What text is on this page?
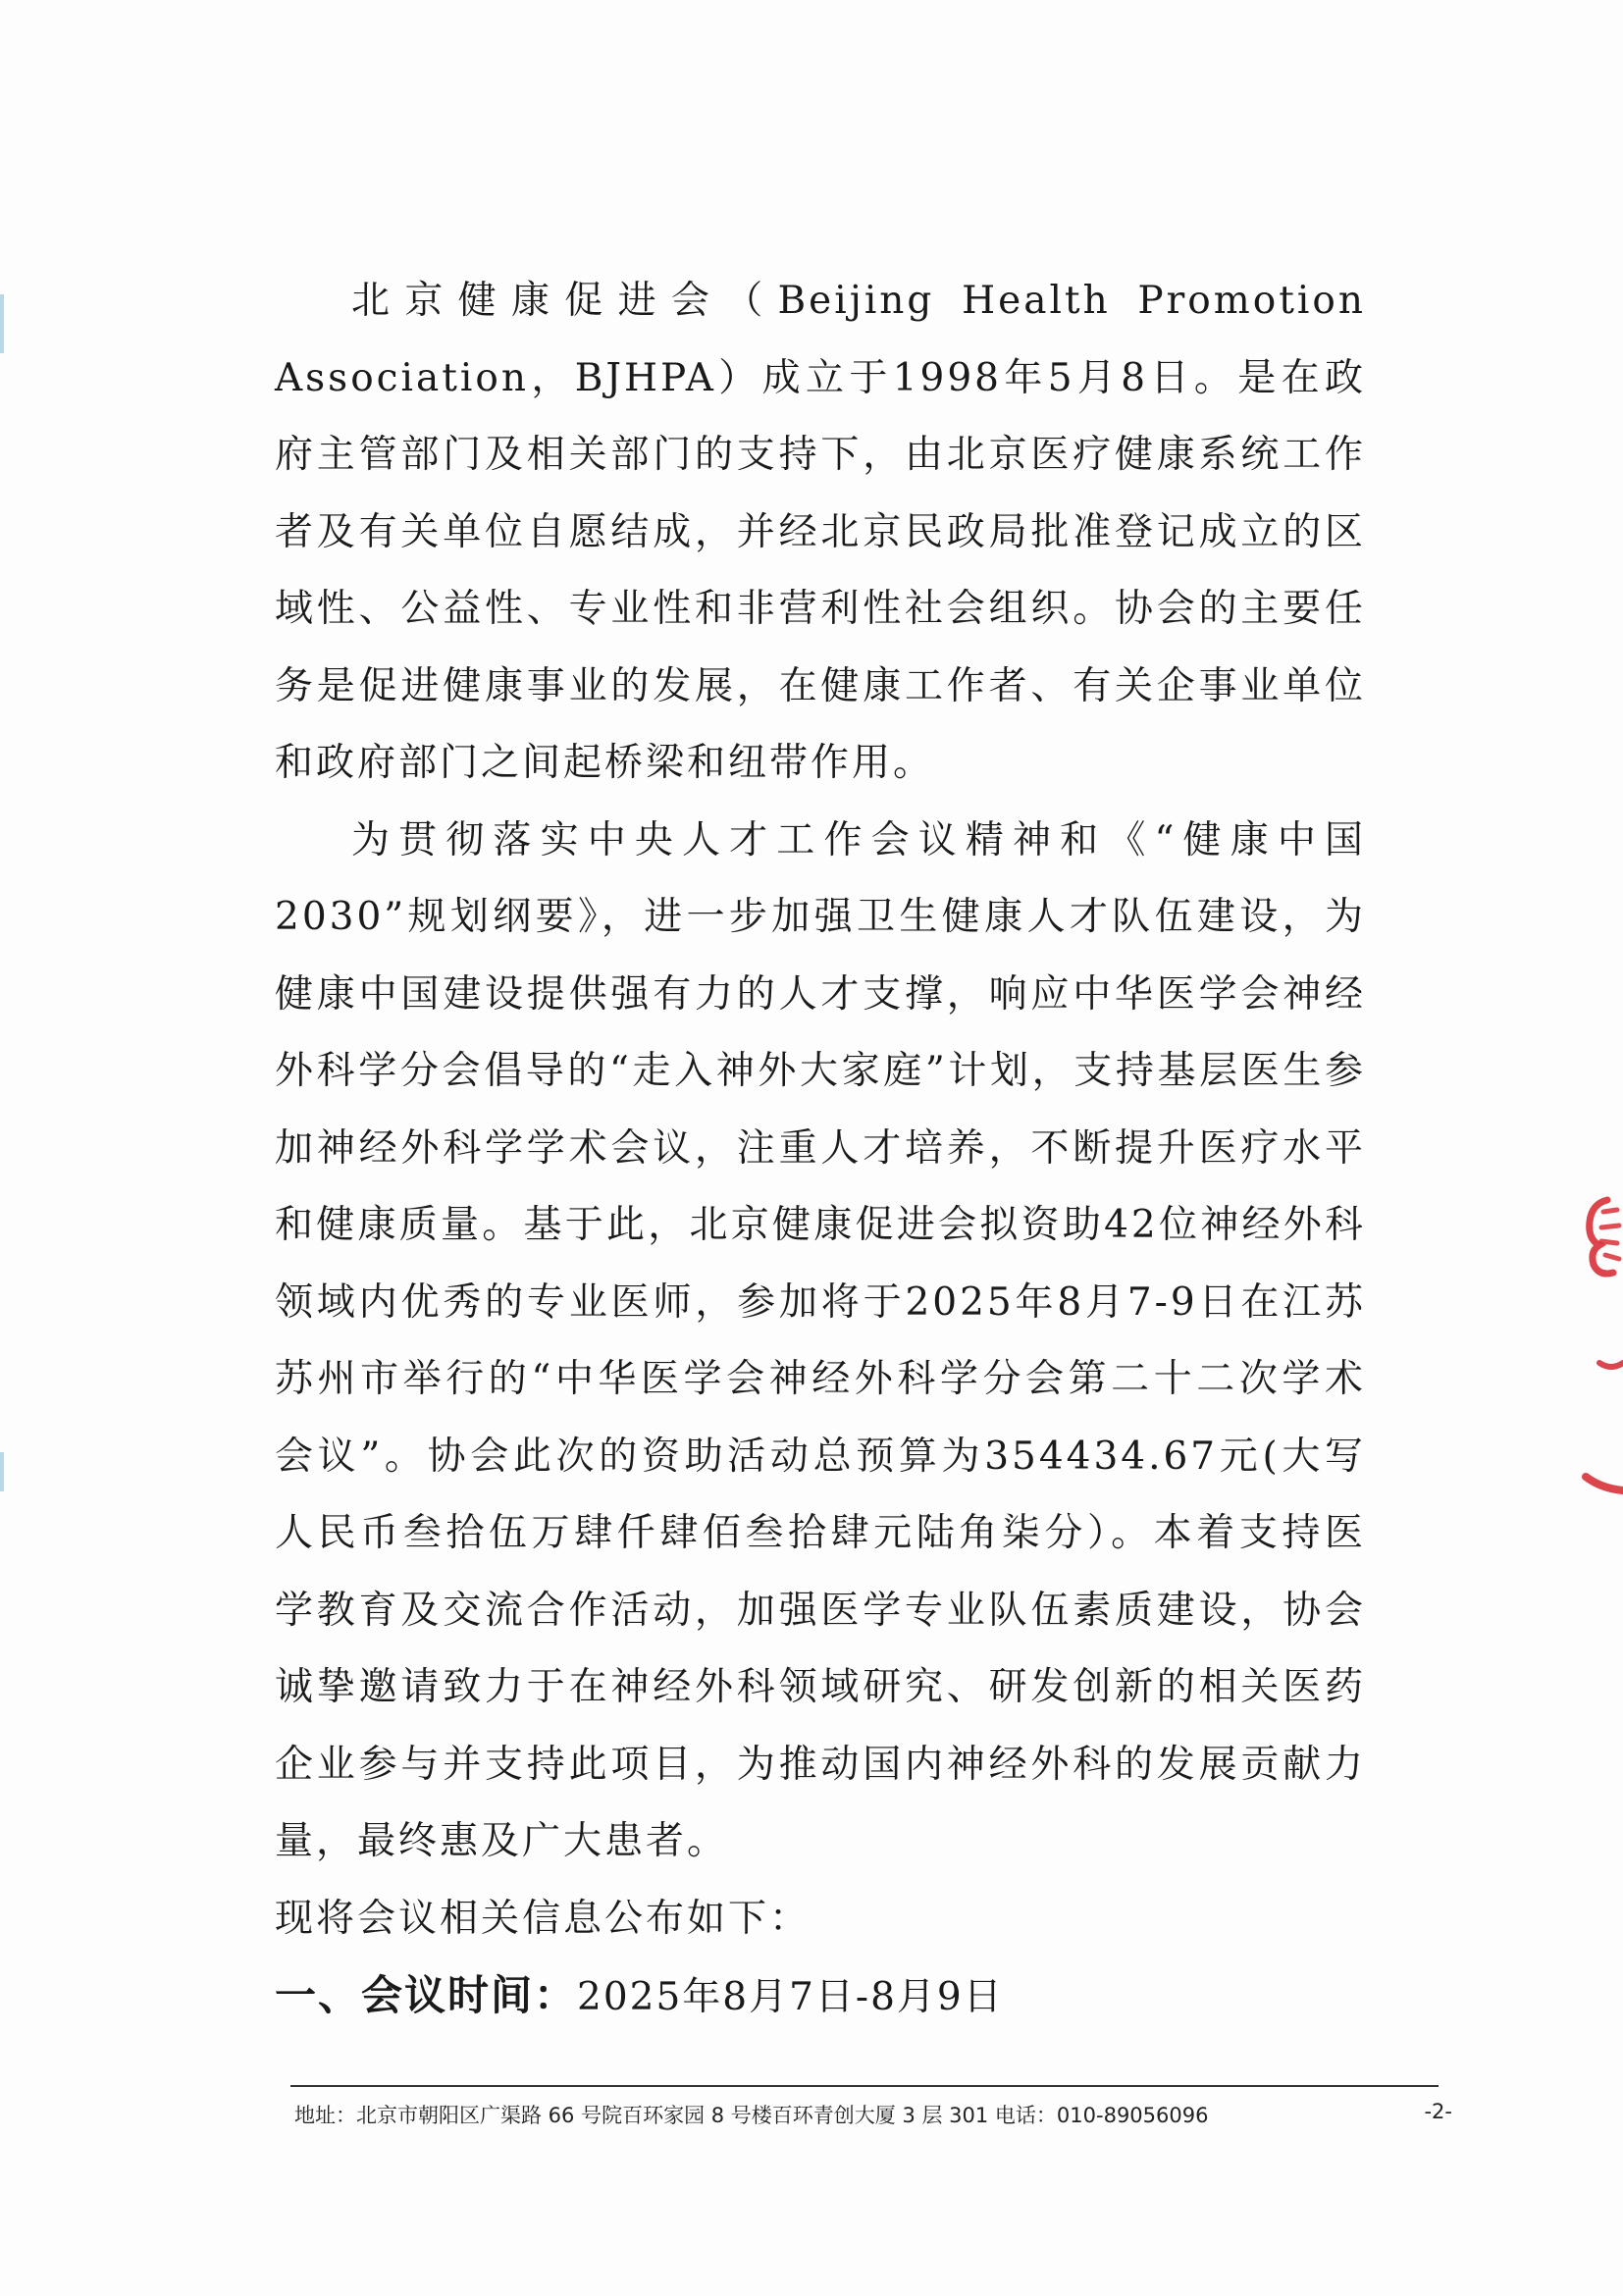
北京健康促进会（Beijing Health Promotion Association，BJHPA）成立于1998年5月8日。是在政府主管部门及相关部门的支持下，由北京医疗健康系统工作者及有关单位自愿结成，并经北京民政局批准登记成立的区域性、公益性、专业性和非营利性社会组织。协会的主要任务是促进健康事业的发展，在健康工作者、有关企事业单位和政府部门之间起桥梁和纽带作用。

为贯彻落实中央人才工作会议精神和《“健康中国2030”规划纲要》，进一步加强卫生健康人才队伍建设，为健康中国建设提供强有力的人才支撑，响应中华医学会神经外科学分会倡导的“走入神外大家庭”计划，支持基层医生参加神经外科学学术会议，注重人才培养，不断提升医疗水平和健康质量。基于此，北京健康促进会拟资助42位神经外科领域内优秀的专业医师，参加将于2025年8月7-9日在江苏苏州市举行的“中华医学会神经外科学分会第二十二次学术会议”。协会此次的资助活动总预算为354434.67元(大写人民币叁拾伍万肆仟肆佰叁拾肆元陆角柒分）。本着支持医学教育及交流合作活动，加强医学专业队伍素质建设，协会诚挚邀请致力于在神经外科领域研究、研发创新的相关医药企业参与并支持此项目，为推动国内神经外科的发展贡献力量，最终惠及广大患者。

现将会议相关信息公布如下：

一、会议时间：2025年8月7日-8月9日

地址：北京市朝阳区广渠路 66 号院百环家园 8 号楼百环青创大厦 3 层 301 电话：010-89056096	-2-
